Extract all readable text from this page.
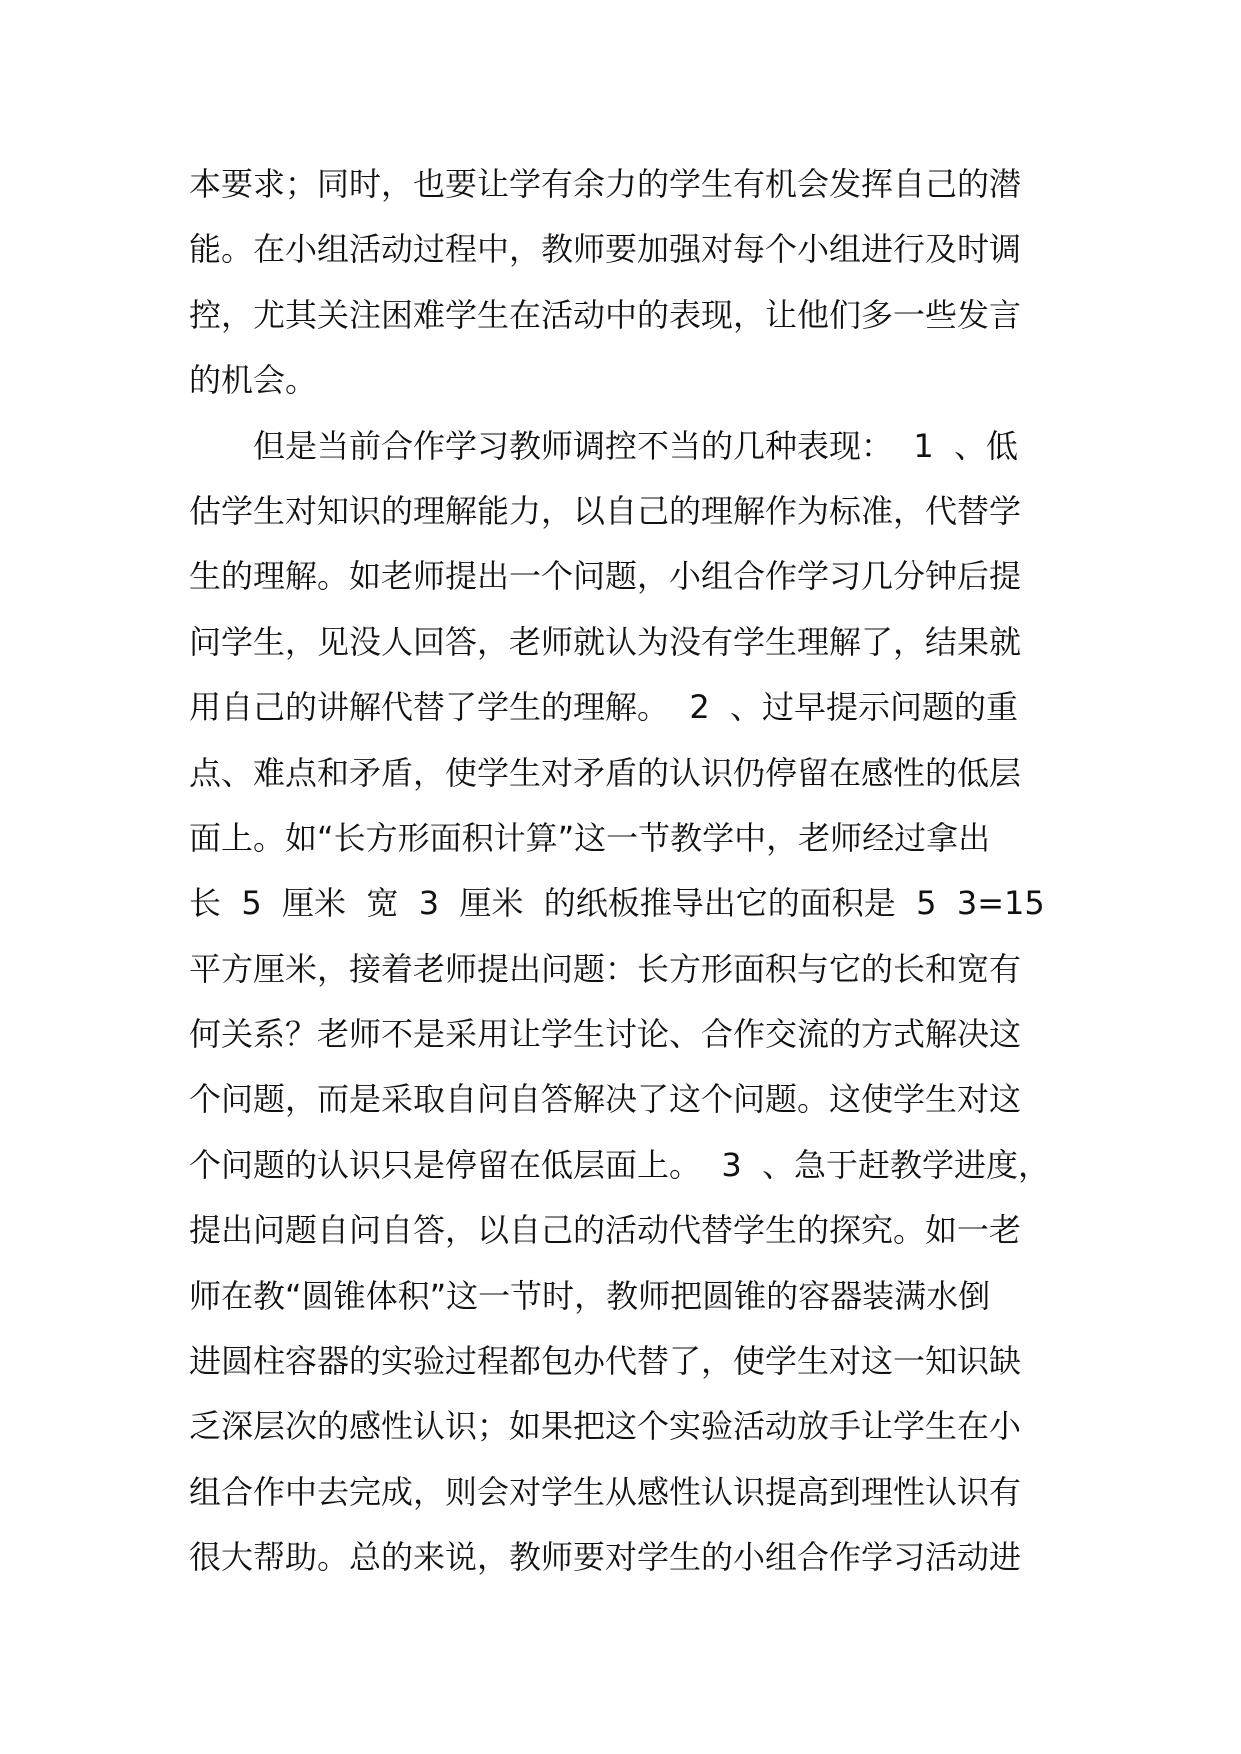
本要求；同时，也要让学有余力的学生有机会发挥自己的潜
能。在小组活动过程中，教师要加强对每个小组进行及时调
控，尤其关注困难学生在活动中的表现，让他们多一些发言
的机会。
　　但是当前合作学习教师调控不当的几种表现：  1  、低
估学生对知识的理解能力，以自己的理解作为标准，代替学
生的理解。如老师提出一个问题，小组合作学习几分钟后提
问学生，见没人回答，老师就认为没有学生理解了，结果就
用自己的讲解代替了学生的理解。  2  、过早提示问题的重
点、难点和矛盾，使学生对矛盾的认识仍停留在感性的低层
面上。如“长方形面积计算”这一节教学中，老师经过拿出
长  5  厘米  宽  3  厘米  的纸板推导出它的面积是  5  3=15
平方厘米，接着老师提出问题：长方形面积与它的长和宽有
何关系？老师不是采用让学生讨论、合作交流的方式解决这
个问题，而是采取自问自答解决了这个问题。这使学生对这
个问题的认识只是停留在低层面上。  3  、急于赶教学进度，
提出问题自问自答，以自己的活动代替学生的探究。如一老
师在教“圆锥体积”这一节时，教师把圆锥的容器装满水倒
进圆柱容器的实验过程都包办代替了，使学生对这一知识缺
乏深层次的感性认识；如果把这个实验活动放手让学生在小
组合作中去完成，则会对学生从感性认识提高到理性认识有
很大帮助。总的来说，教师要对学生的小组合作学习活动进
